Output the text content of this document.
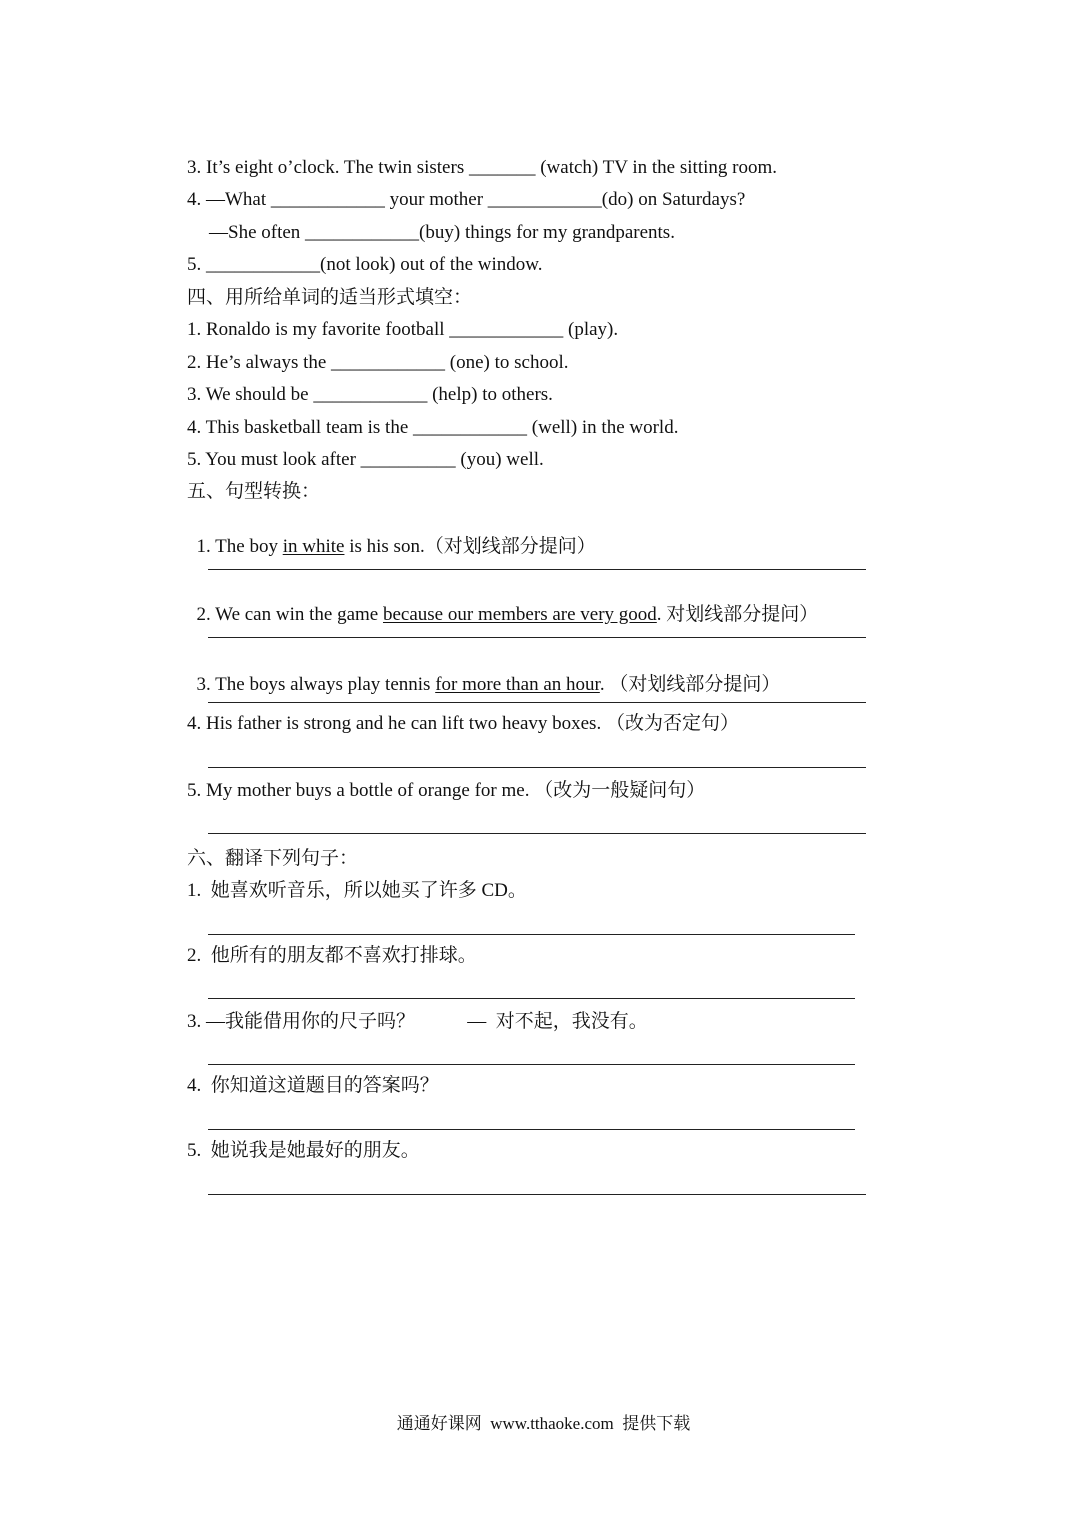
3. It’s eight o’clock. The twin sisters _______ (watch) TV in the sitting room.
4. —What ____________ your mother ____________(do) on Saturdays?
—She often ____________(buy) things for my grandparents.
5. ____________(not look) out of the window.
四、用所给单词的适当形式填空：
1. Ronaldo is my favorite football ____________ (play).
2. He’s always the ____________ (one) to school.
3. We should be ____________ (help) to others.
4. This basketball team is the ____________ (well) in the world.
5. You must look after __________ (you) well.
五、句型转换：

1. The boy in white is his son.（对划线部分提问）

2. We can win the game because our members are very good. 对划线部分提问）

3. The boys always play tennis for more than an hour. （对划线部分提问）

4. His father is strong and he can lift two heavy boxes. （改为否定句）
5. My mother buys a bottle of orange for me. （改为一般疑问句）
六、翻译下列句子：
1.  她喜欢听音乐，所以她买了许多 CD。
2.  他所有的朋友都不喜欢打排球。
3. —我能借用你的尺子吗？           —  对不起，我没有。
4.  你知道这道题目的答案吗？
5.  她说我是她最好的朋友。
通通好课网  www.tthaoke.com  提供下载
